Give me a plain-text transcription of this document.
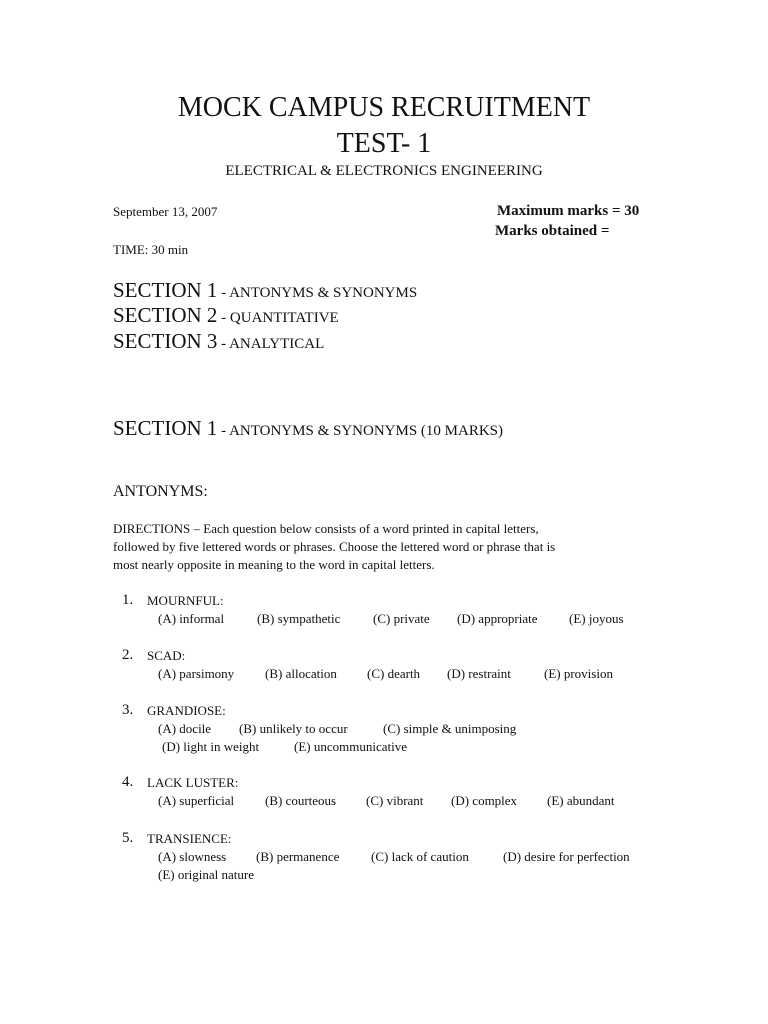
MOCK CAMPUS RECRUITMENT
TEST- 1
ELECTRICAL & ELECTRONICS ENGINEERING
September 13, 2007	Maximum marks = 30
Marks obtained =
TIME: 30 min
SECTION 1 - ANTONYMS & SYNONYMS
SECTION 2 - QUANTITATIVE
SECTION 3 - ANALYTICAL
SECTION 1 - ANTONYMS & SYNONYMS (10 MARKS)
ANTONYMS:
DIRECTIONS – Each question below consists of a word printed in capital letters,
followed by five lettered words or phrases. Choose the lettered word or phrase that is
most nearly opposite in meaning to the word in capital letters.
1. MOURNFUL:
(A) informal	(B) sympathetic	(C) private (D) appropriate (E) joyous
2. SCAD:
(A) parsimony (B) allocation (C) dearth (D) restraint	(E) provision
3. GRANDIOSE:
(A) docile (B) unlikely to occur	(C) simple & unimposing
(D) light in weight	(E) uncommunicative
4. LACK LUSTER:
(A) superficial (B) courteous (C) vibrant (D) complex (E) abundant
5. TRANSIENCE:
(A) slowness (B) permanence (C) lack of caution	(D) desire for perfection
(E) original nature
